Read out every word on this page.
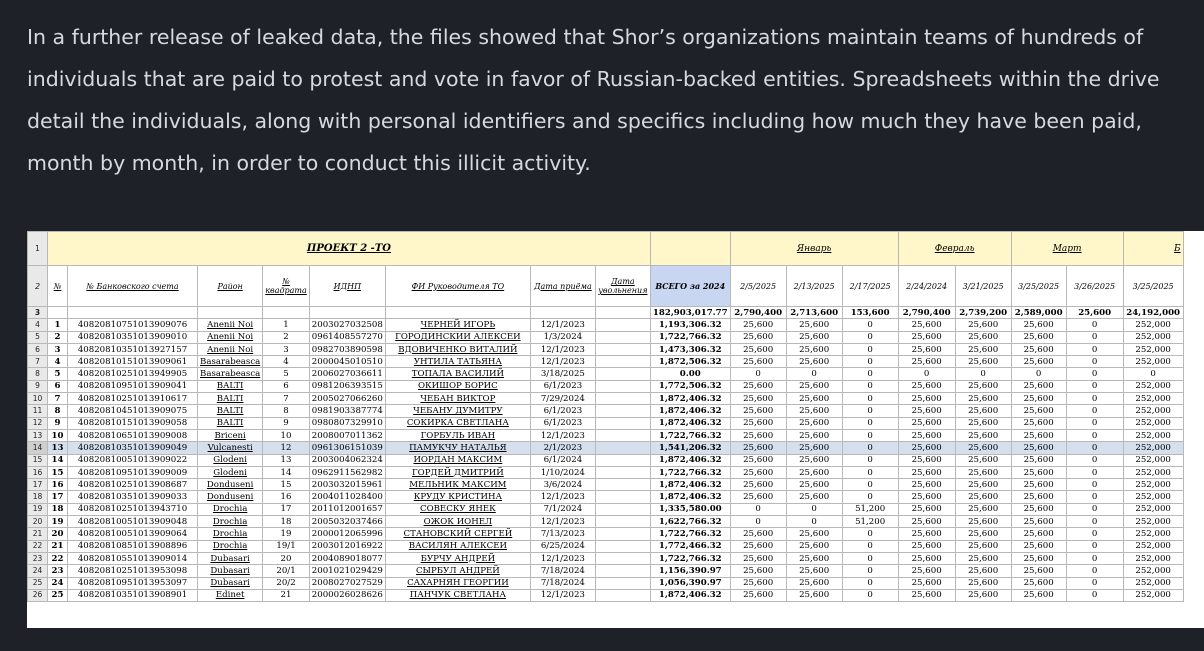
In a further release of leaked data, the files showed that Shor’s organizations maintain teams of hundreds of individuals that are paid to protest and vote in favor of Russian-backed entities. Spreadsheets within the drive detail the individuals, along with personal identifiers and specifics including how much they have been paid, month by month, in order to conduct this illicit activity.
1	ПРОЕКТ 2 -ТО									Январь			Февраль		Март		Б
2	№	№ Банковского счета	Район	№ квадрата	ИДНП	ФИ Руководителя ТО	Дата приёма	Дата увольнения	ВСЕГО за 2024	2/5/2025	2/13/2025	2/17/2025	2/24/2024	3/21/2025	3/25/2025	3/26/2025	3/25/2025
3									182,903,017.77	2,790,400	2,713,600	153,600	2,790,400	2,739,200	2,589,000	25,600	24,192,000
4	1	40820810751013909076	Anenii Noi	1	2003027032508	ЧЕРНЕЙ ИГОРЬ	12/1/2023		1,193,306.32	25,600	25,600	0	25,600	25,600	25,600	0	252,000
5	2	40820810351013909010	Anenii Noi	2	0961408557270	ГОРОДИНСКИЙ АЛЕКСЕЙ	1/3/2024		1,722,766.32	25,600	25,600	0	25,600	25,600	25,600	0	252,000
6	3	40820810351013927157	Anenii Noi	3	0982703890598	ВДОВИЧЕНКО ВИТАЛИЙ	12/1/2023		1,473,306.32	25,600	25,600	0	25,600	25,600	25,600	0	252,000
7	4	40820810151013909061	Basarabeasca	4	2000045010510	УНТИЛА ТАТЬЯНА	12/1/2023		1,872,506.32	25,600	25,600	0	25,600	25,600	25,600	0	252,000
8	5	40820810251013949905	Basarabeasca	5	2006027036611	ТОПАЛА ВАСИЛИЙ	3/18/2025		0.00	0	0	0	0	0	0	0	0
9	6	40820810951013909041	BALTI	6	0981206393515	ОКИШОР БОРИС	6/1/2023		1,772,506.32	25,600	25,600	0	25,600	25,600	25,600	0	252,000
10	7	40820810251013910617	BALTI	7	2005027066260	ЧЕБАН ВИКТОР	7/29/2024		1,872,406.32	25,600	25,600	0	25,600	25,600	25,600	0	252,000
11	8	40820810451013909075	BALTI	8	0981903387774	ЧЕБАНУ ДУМИТРУ	6/1/2023		1,872,406.32	25,600	25,600	0	25,600	25,600	25,600	0	252,000
12	9	40820810151013909058	BALTI	9	0980807329910	СОКИРКА СВЕТЛАНА	6/1/2023		1,872,406.32	25,600	25,600	0	25,600	25,600	25,600	0	252,000
13	10	40820810651013909008	Briceni	10	2008007011362	ГОРБУЛЬ ИВАН	12/1/2023		1,722,766.32	25,600	25,600	0	25,600	25,600	25,600	0	252,000
14	13	40820810351013909049	Vulcanesti	12	0961306151039	ПАМУКЧУ НАТАЛЬЯ	2/1/2023		1,541,206.32	25,600	25,600	0	25,600	25,600	25,600	0	252,000
15	14	40820810051013909022	Glodeni	13	2003004062324	ИОРДАН МАКСИМ	6/1/2024		1,872,406.32	25,600	25,600	0	25,600	25,600	25,600	0	252,000
16	15	40820810951013909009	Glodeni	14	0962911562982	ГОРДЕЙ ДМИТРИЙ	1/10/2024		1,722,766.32	25,600	25,600	0	25,600	25,600	25,600	0	252,000
17	16	40820810251013908687	Donduseni	15	2003032015961	МЕЛЬНИК МАКСИМ	3/6/2024		1,872,406.32	25,600	25,600	0	25,600	25,600	25,600	0	252,000
18	17	40820810351013909033	Donduseni	16	2004011028400	КРУДУ КРИСТИНА	12/1/2023		1,872,406.32	25,600	25,600	0	25,600	25,600	25,600	0	252,000
19	18	40820810251013943710	Drochia	17	2011012001657	СОВЕСКУ ЯНЕК	7/1/2024		1,335,580.00	0	0	51,200	25,600	25,600	25,600	0	252,000
20	19	40820810051013909048	Drochia	18	2005032037466	ОЖОК ИОНЕЛ	12/1/2023		1,622,766.32	0	0	51,200	25,600	25,600	25,600	0	252,000
21	20	40820810051013909064	Drochia	19	2000012065996	СТАНОВСКИЙ СЕРГЕЙ	7/13/2023		1,722,766.32	25,600	25,600	0	25,600	25,600	25,600	0	252,000
22	21	40820810851013908896	Drochia	19/1	2003012016922	ВАСИЛЯН АЛЕКСЕЙ	6/25/2024		1,772,466.32	25,600	25,600	0	25,600	25,600	25,600	0	252,000
23	22	40820810551013909014	Dubasari	20	2004089018077	БУРЧУ АНДРЕЙ	12/1/2023		1,722,766.32	25,600	25,600	0	25,600	25,600	25,600	0	252,000
24	23	40820810251013953098	Dubasari	20/1	2001021029429	СЫРБУЛ АНДРЕЙ	7/18/2024		1,156,390.97	25,600	25,600	0	25,600	25,600	25,600	0	252,000
25	24	40820810951013953097	Dubasari	20/2	2008027027529	САХАРНЯН ГЕОРГИЙ	7/18/2024		1,056,390.97	25,600	25,600	0	25,600	25,600	25,600	0	252,000
26	25	40820810351013908901	Edinet	21	2000026028626	ПАНЧУК СВЕТЛАНА	12/1/2023		1,872,406.32	25,600	25,600	0	25,600	25,600	25,600	0	252,000
